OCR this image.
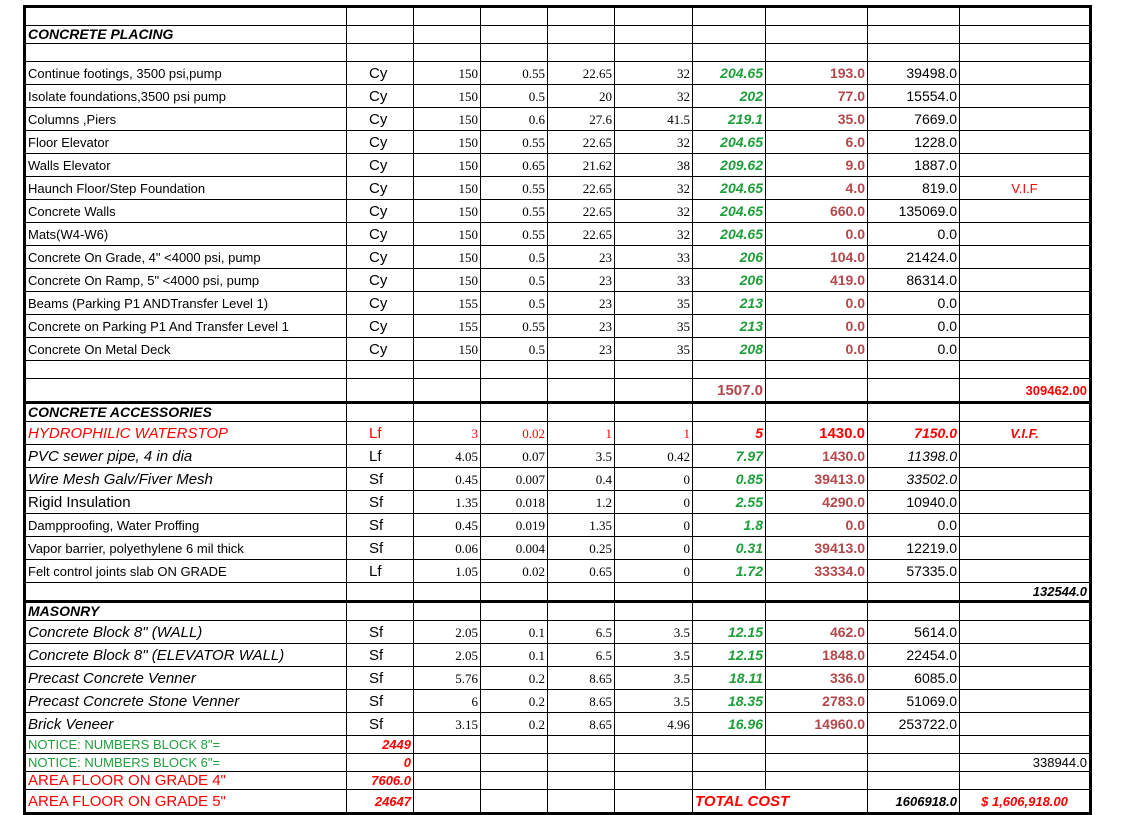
CONCRETE PLACING									

Continue footings, 3500 psi,pump	Cy	150	0.55	22.65	32	204.65	193.0	39498.0	
Isolate foundations,3500 psi pump	Cy	150	0.5	20	32	202	77.0	15554.0	
Columns ,Piers	Cy	150	0.6	27.6	41.5	219.1	35.0	7669.0	
Floor Elevator	Cy	150	0.55	22.65	32	204.65	6.0	1228.0	
Walls Elevator	Cy	150	0.65	21.62	38	209.62	9.0	1887.0	
Haunch Floor/Step Foundation	Cy	150	0.55	22.65	32	204.65	4.0	819.0	V.I.F
Concrete Walls	Cy	150	0.55	22.65	32	204.65	660.0	135069.0	
Mats(W4-W6)	Cy	150	0.55	22.65	32	204.65	0.0	0.0	
Concrete On Grade, 4" <4000 psi, pump	Cy	150	0.5	23	33	206	104.0	21424.0	
Concrete On Ramp, 5" <4000 psi, pump	Cy	150	0.5	23	33	206	419.0	86314.0	
Beams (Parking P1 ANDTransfer Level 1)	Cy	155	0.5	23	35	213	0.0	0.0	
Concrete on Parking P1 And Transfer Level 1	Cy	155	0.55	23	35	213	0.0	0.0	
Concrete On Metal Deck	Cy	150	0.5	23	35	208	0.0	0.0	

						1507.0			309462.00
CONCRETE ACCESSORIES									
HYDROPHILIC WATERSTOP	Lf	3	0.02	1	1	5	1430.0	7150.0	V.I.F.
PVC sewer pipe, 4 in dia	Lf	4.05	0.07	3.5	0.42	7.97	1430.0	11398.0	
Wire Mesh Galv/Fiver Mesh	Sf	0.45	0.007	0.4	0	0.85	39413.0	33502.0	
Rigid Insulation	Sf	1.35	0.018	1.2	0	2.55	4290.0	10940.0	
Dampproofing, Water Proffing	Sf	0.45	0.019	1.35	0	1.8	0.0	0.0	
Vapor barrier, polyethylene 6 mil thick	Sf	0.06	0.004	0.25	0	0.31	39413.0	12219.0	
Felt control joints slab ON GRADE	Lf	1.05	0.02	0.65	0	1.72	33334.0	57335.0	
									132544.0
MASONRY									
Concrete Block 8" (WALL)	Sf	2.05	0.1	6.5	3.5	12.15	462.0	5614.0	
Concrete Block 8" (ELEVATOR WALL)	Sf	2.05	0.1	6.5	3.5	12.15	1848.0	22454.0	
Precast Concrete Venner	Sf	5.76	0.2	8.65	3.5	18.11	336.0	6085.0	
Precast Concrete Stone Venner	Sf	6	0.2	8.65	3.5	18.35	2783.0	51069.0	
Brick Veneer	Sf	3.15	0.2	8.65	4.96	16.96	14960.0	253722.0	
NOTICE: NUMBERS BLOCK 8"=	2449								
NOTICE: NUMBERS BLOCK 6"=	0								338944.0
AREA FLOOR ON GRADE 4"	7606.0								
AREA FLOOR ON GRADE 5"	24647					TOTAL COST		1606918.0	$ 1,606,918.00
